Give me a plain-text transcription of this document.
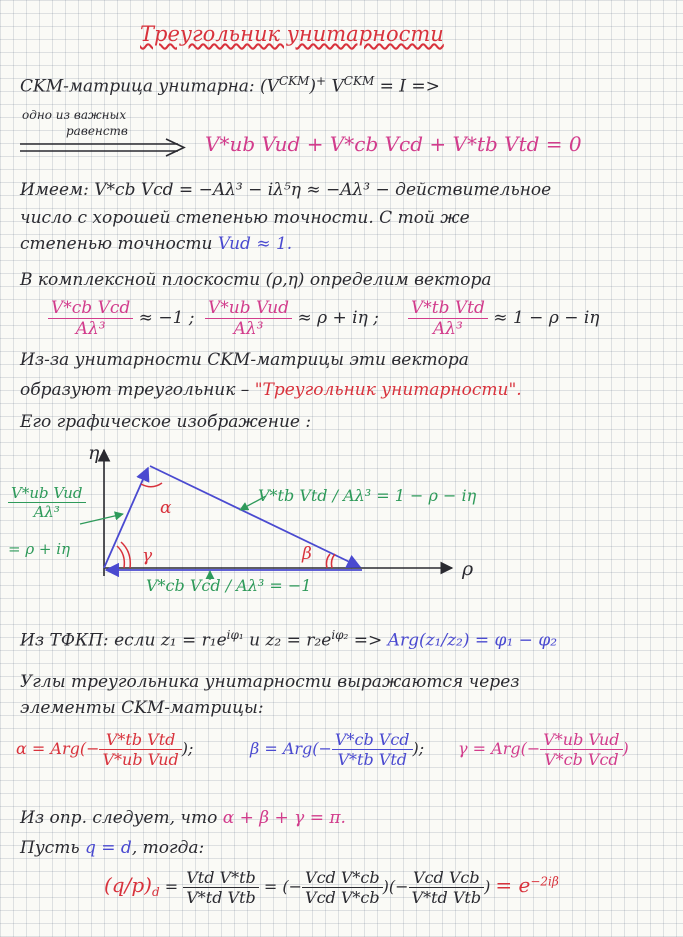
Треугольник унитарности
CKM-матрица унитарна: $(V^{CKM})^+$ $V^{CKM} = I$ =>
одно из важных
равенств
V*ub Vud + V*cb Vcd + V*tb Vtd = 0
Имеем: V*cb Vcd = −Aλ³ − iλ⁵η ≈ −Aλ³ − действительное
число с хорошей степенью точности. С той же
степенью точности Vud ≈ 1.
В комплексной плоскости (ρ,η) определим вектора
$\frac{\text{V*cb Vcd}}{\text{Aλ³}} \approx -1$ ; $\frac{\text{V*ub Vud}}{\text{Aλ³}} \approx \rho + i\eta$ ; $\frac{\text{V*tb Vtd}}{\text{Aλ³}} \approx 1 - \rho - i\eta$
Из-за унитарности CKM-матрицы эти вектора
образуют треугольник – "Треугольник унитарности".
Его графическое изображение :
η
ρ
α
β
γ
$\frac{\text{V*ub Vud}}{\text{Aλ³}}$
= ρ + iη
V*tb Vtd / Aλ³ = 1 − ρ − iη
V*cb Vcd / Aλ³ = −1
Из ТФКП: если $z_1 = r_1e^{i\varphi_1}$ и $z_2 = r_2e^{i\varphi_2} => Arg(z_1/z_2) = \varphi_1 - \varphi_2$
Углы треугольника унитарности выражаются через
элементы CKM-матрицы:
$\alpha = Arg(- \frac{\text{V*tb Vtd}}{\text{V*ub Vud}}$ );	$\beta = Arg(- \frac{\text{V*cb Vcd}}{\text{V*tb Vtd}}$ ); $\gamma = Arg(- \frac{\text{V*ub Vud}}{\text{V*cb Vcd}}$ )
Из опр. следует, что α + β + γ = π.
Пусть q = d, тогда:
$(q/p)_d = \frac{\text{Vtd V*tb}}{\text{V*td Vtb}}$ = (− $\frac{\text{Vcd V*cb}}{\text{Vcd V*cb}}$ )(− $\frac{\text{Vcd Vcb}}{\text{V*td Vtb}}$ ) = $e^{-2i\beta}$
